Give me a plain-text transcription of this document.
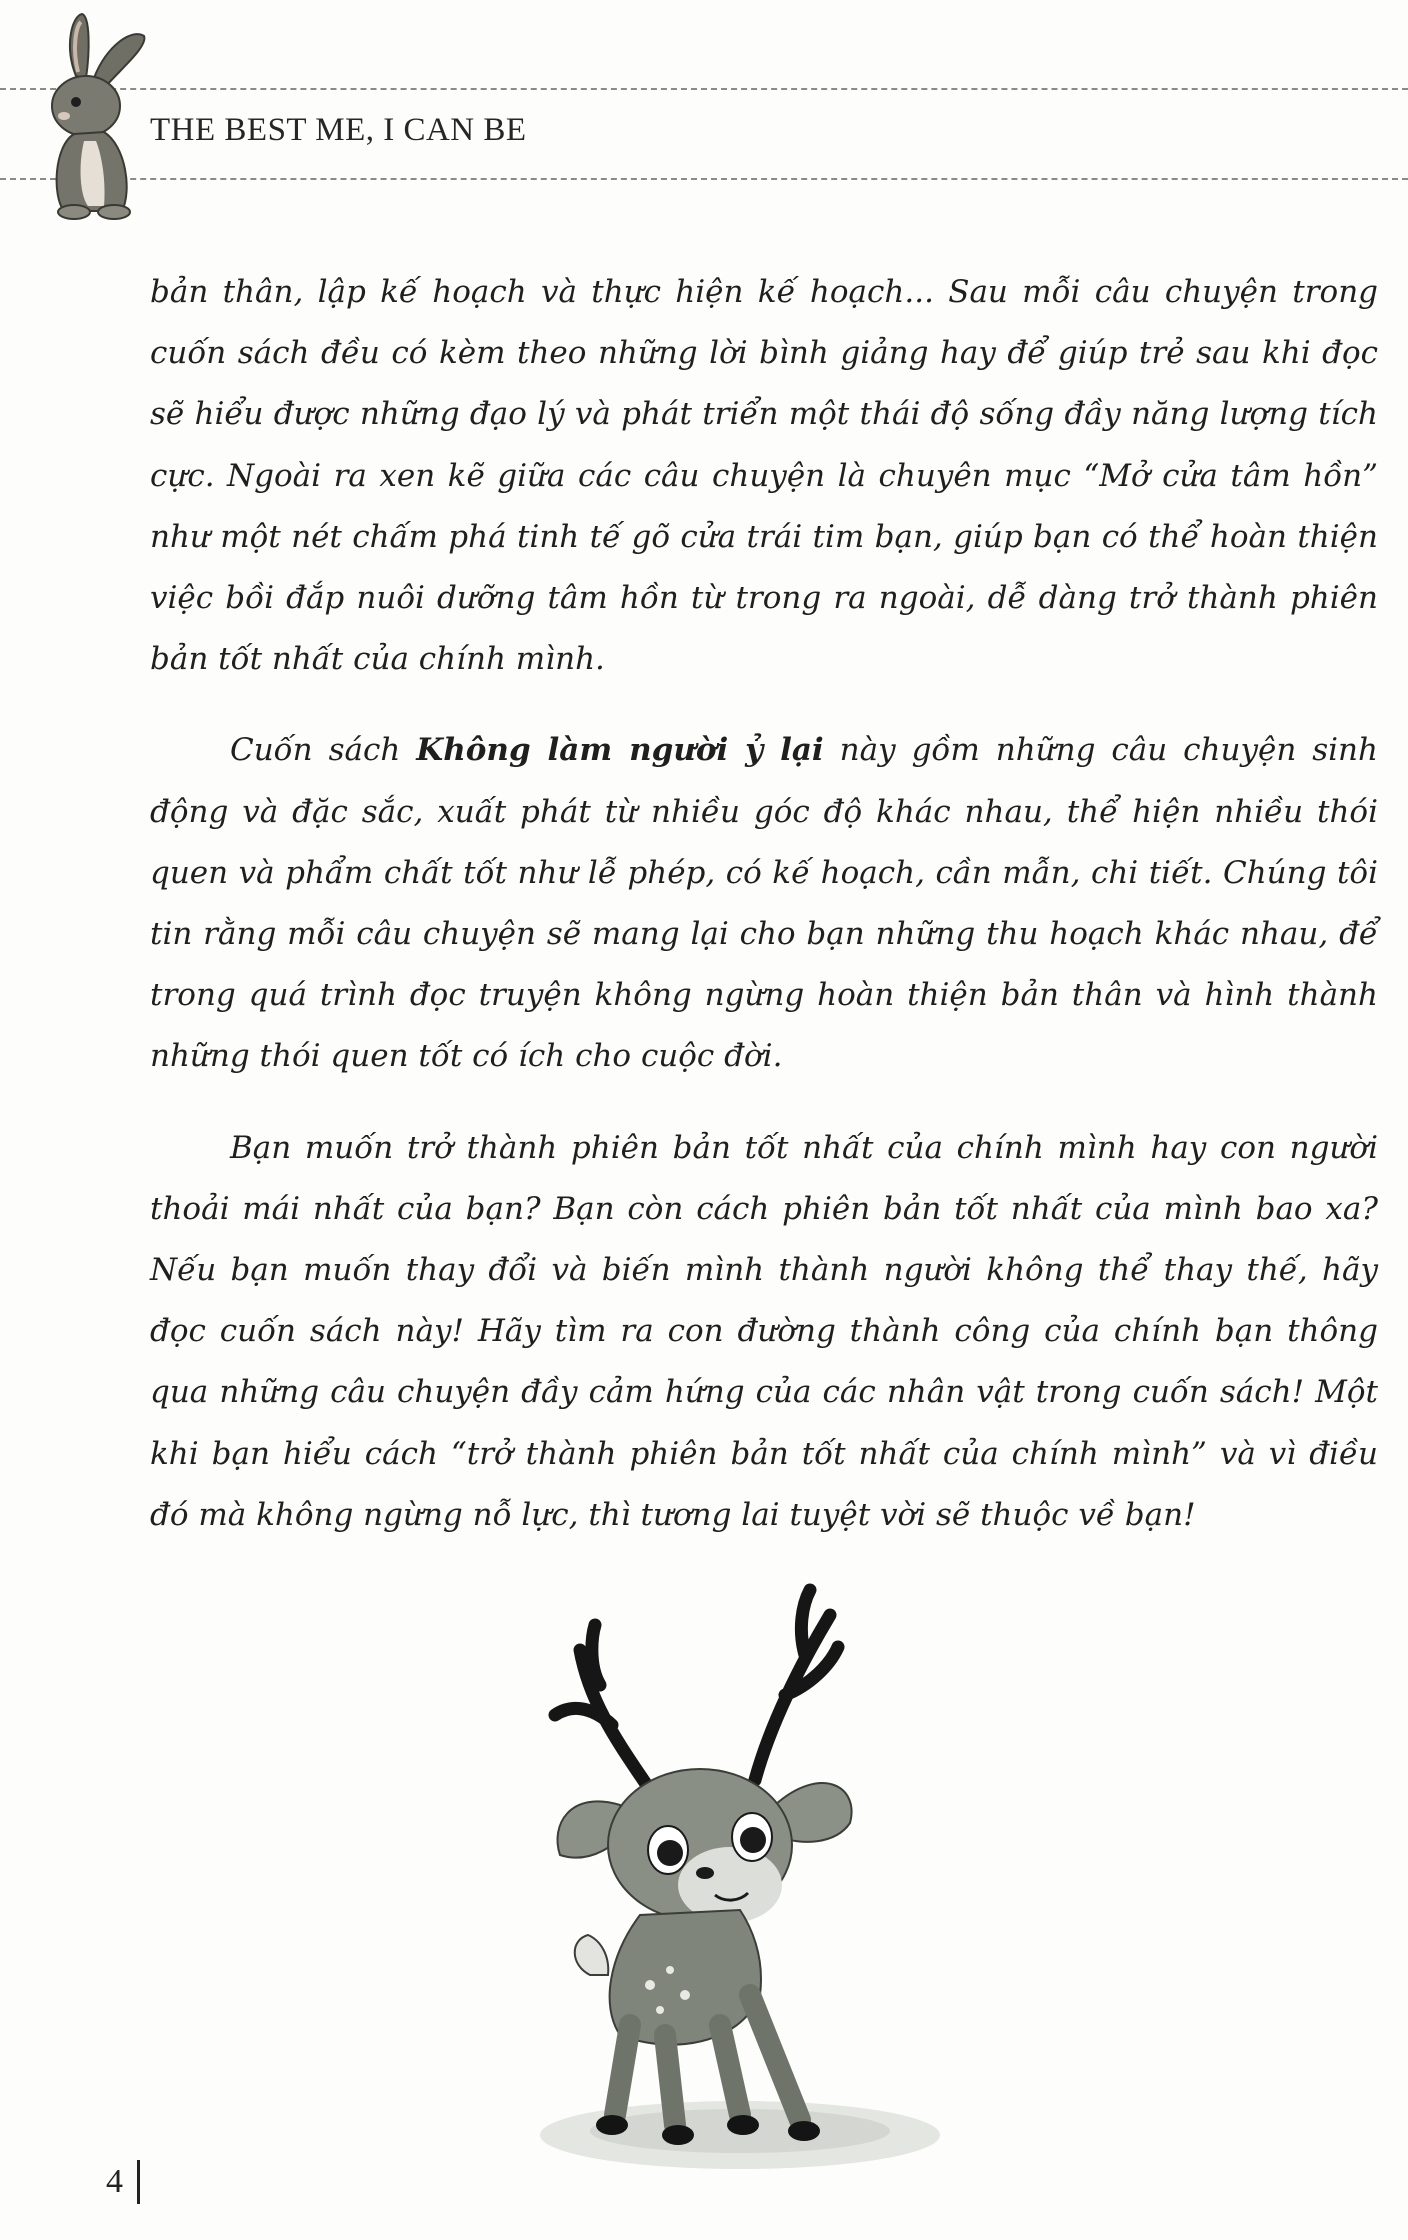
THE BEST ME, I CAN BE

bản thân, lập kế hoạch và thực hiện kế hoạch... Sau mỗi câu chuyện trong cuốn sách đều có kèm theo những lời bình giảng hay để giúp trẻ sau khi đọc sẽ hiểu được những đạo lý và phát triển một thái độ sống đầy năng lượng tích cực. Ngoài ra xen kẽ giữa các câu chuyện là chuyên mục “Mở cửa tâm hồn” như một nét chấm phá tinh tế gõ cửa trái tim bạn, giúp bạn có thể hoàn thiện việc bồi đắp nuôi dưỡng tâm hồn từ trong ra ngoài, dễ dàng trở thành phiên bản tốt nhất của chính mình.

Cuốn sách Không làm người ỷ lại này gồm những câu chuyện sinh động và đặc sắc, xuất phát từ nhiều góc độ khác nhau, thể hiện nhiều thói quen và phẩm chất tốt như lễ phép, có kế hoạch, cần mẫn, chi tiết. Chúng tôi tin rằng mỗi câu chuyện sẽ mang lại cho bạn những thu hoạch khác nhau, để trong quá trình đọc truyện không ngừng hoàn thiện bản thân và hình thành những thói quen tốt có ích cho cuộc đời.

Bạn muốn trở thành phiên bản tốt nhất của chính mình hay con người thoải mái nhất của bạn? Bạn còn cách phiên bản tốt nhất của mình bao xa? Nếu bạn muốn thay đổi và biến mình thành người không thể thay thế, hãy đọc cuốn sách này! Hãy tìm ra con đường thành công của chính bạn thông qua những câu chuyện đầy cảm hứng của các nhân vật trong cuốn sách! Một khi bạn hiểu cách “trở thành phiên bản tốt nhất của chính mình” và vì điều đó mà không ngừng nỗ lực, thì tương lai tuyệt vời sẽ thuộc về bạn!

4
